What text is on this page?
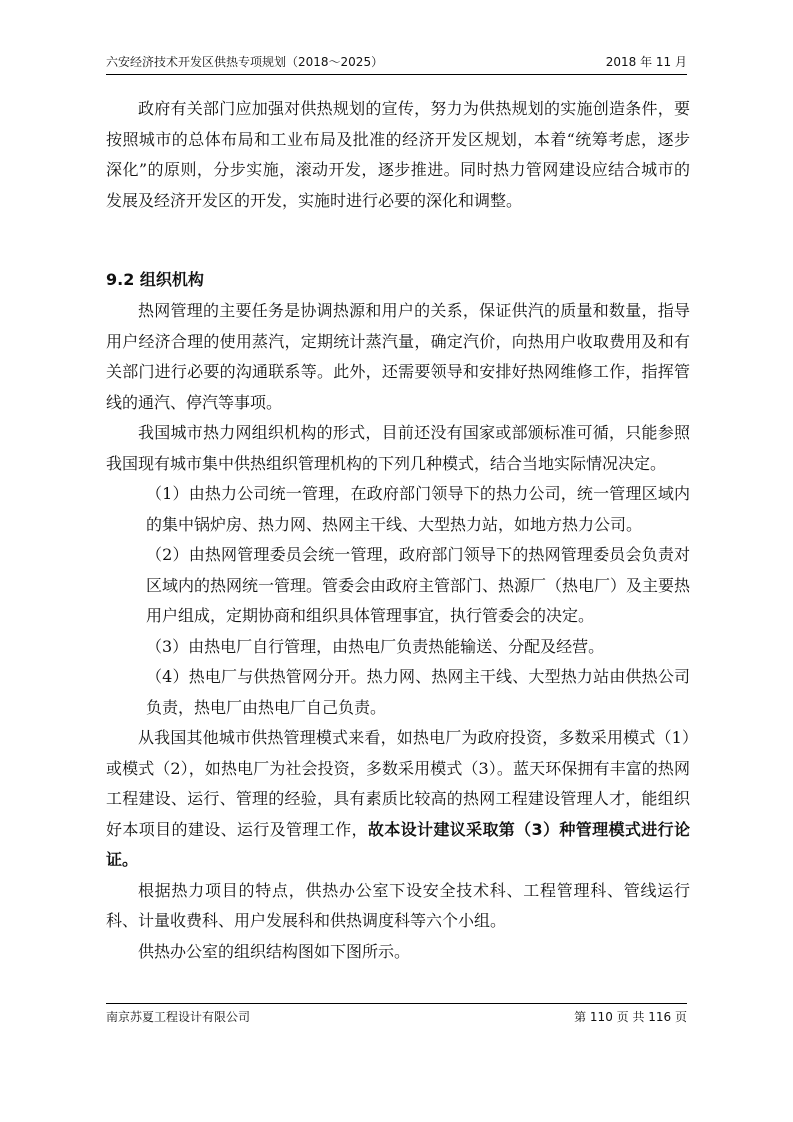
六安经济技术开发区供热专项规划（2018～2025）	2018 年 11 月

政府有关部门应加强对供热规划的宣传，努力为供热规划的实施创造条件，要按照城市的总体布局和工业布局及批准的经济开发区规划，本着“统筹考虑，逐步深化”的原则，分步实施，滚动开发，逐步推进。同时热力管网建设应结合城市的发展及经济开发区的开发，实施时进行必要的深化和调整。

9.2 组织机构

热网管理的主要任务是协调热源和用户的关系，保证供汽的质量和数量，指导用户经济合理的使用蒸汽，定期统计蒸汽量，确定汽价，向热用户收取费用及和有关部门进行必要的沟通联系等。此外，还需要领导和安排好热网维修工作，指挥管线的通汽、停汽等事项。

我国城市热力网组织机构的形式，目前还没有国家或部颁标准可循，只能参照我国现有城市集中供热组织管理机构的下列几种模式，结合当地实际情况决定。

（1）由热力公司统一管理，在政府部门领导下的热力公司，统一管理区域内的集中锅炉房、热力网、热网主干线、大型热力站，如地方热力公司。

（2）由热网管理委员会统一管理，政府部门领导下的热网管理委员会负责对区域内的热网统一管理。管委会由政府主管部门、热源厂（热电厂）及主要热用户组成，定期协商和组织具体管理事宜，执行管委会的决定。

（3）由热电厂自行管理，由热电厂负责热能输送、分配及经营。

（4）热电厂与供热管网分开。热力网、热网主干线、大型热力站由供热公司负责，热电厂由热电厂自己负责。

从我国其他城市供热管理模式来看，如热电厂为政府投资，多数采用模式（1）或模式（2），如热电厂为社会投资，多数采用模式（3）。蓝天环保拥有丰富的热网工程建设、运行、管理的经验，具有素质比较高的热网工程建设管理人才，能组织好本项目的建设、运行及管理工作，故本设计建议采取第（3）种管理模式进行论证。

根据热力项目的特点，供热办公室下设安全技术科、工程管理科、管线运行科、计量收费科、用户发展科和供热调度科等六个小组。

供热办公室的组织结构图如下图所示。

南京苏夏工程设计有限公司	第 110 页 共 116 页
